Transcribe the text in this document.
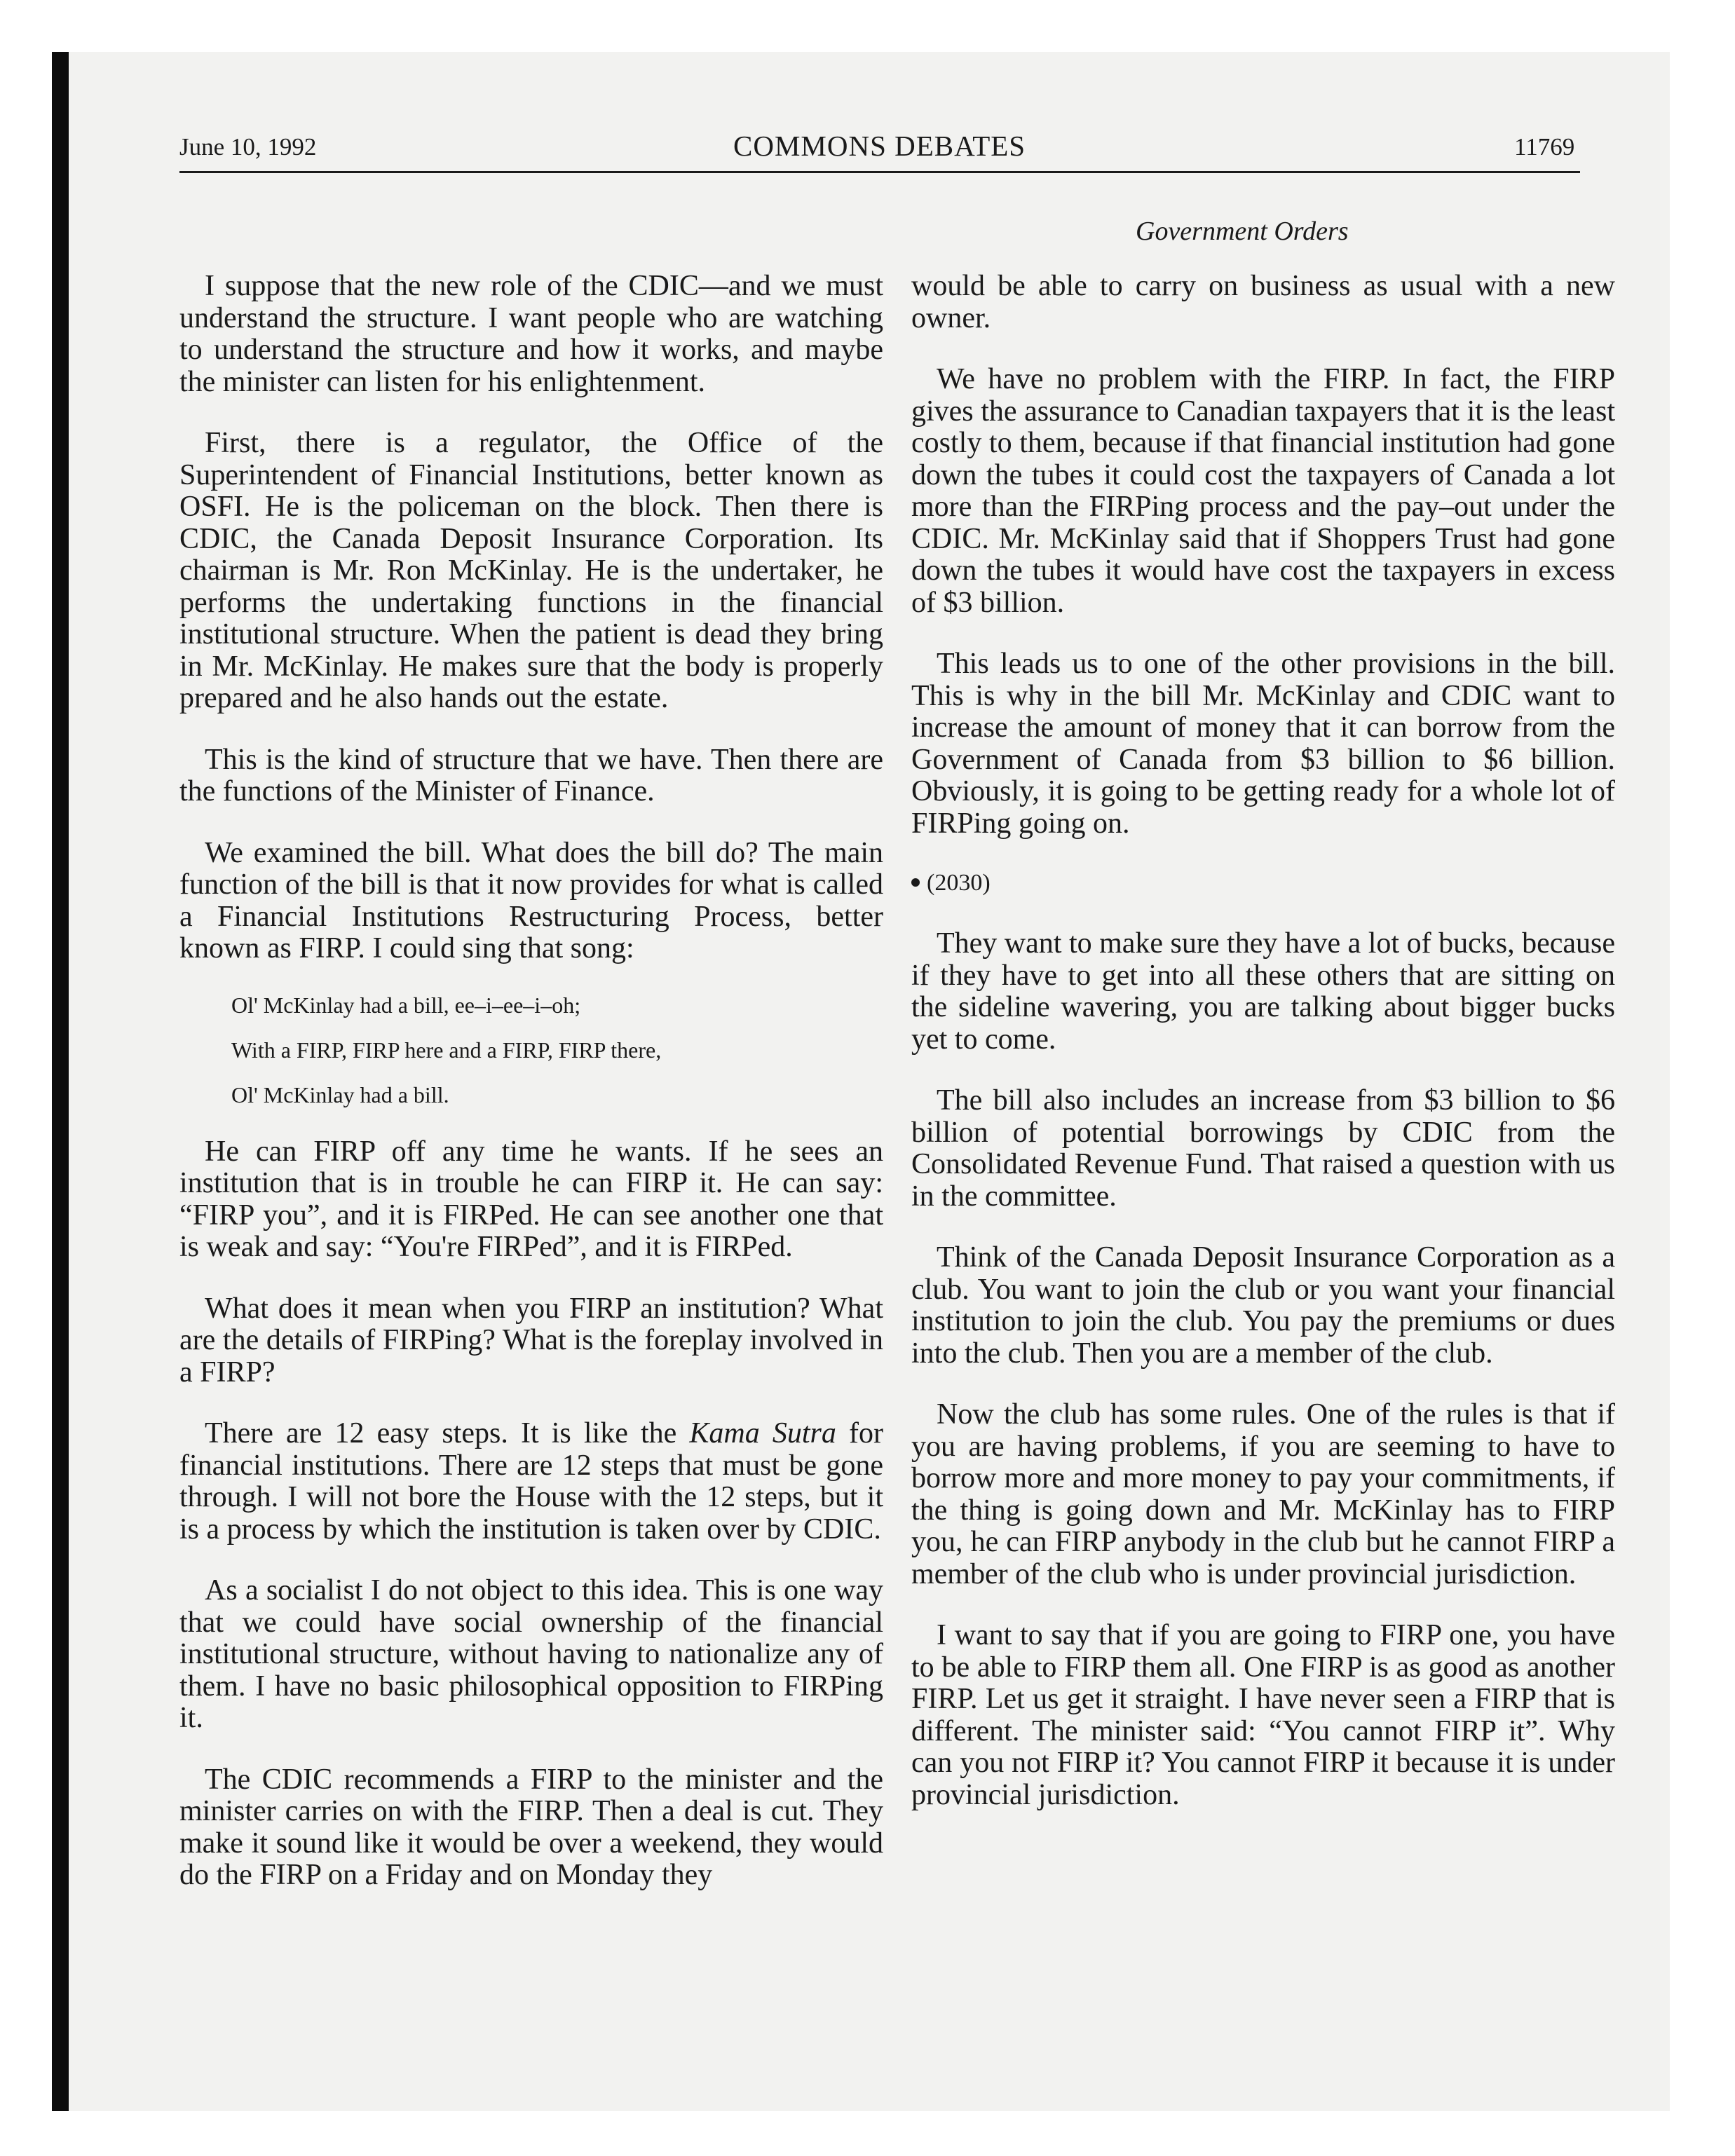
June 10, 1992	COMMONS DEBATES	11769
Government Orders

I suppose that the new role of the CDIC—and we must understand the structure. I want people who are watching to understand the structure and how it works, and maybe the minister can listen for his enlightenment.

First, there is a regulator, the Office of the Superintendent of Financial Institutions, better known as OSFI. He is the policeman on the block. Then there is CDIC, the Canada Deposit Insurance Corporation. Its chairman is Mr. Ron McKinlay. He is the undertaker, he performs the undertaking functions in the financial institutional structure. When the patient is dead they bring in Mr. McKinlay. He makes sure that the body is properly prepared and he also hands out the estate.

This is the kind of structure that we have. Then there are the functions of the Minister of Finance.

We examined the bill. What does the bill do? The main function of the bill is that it now provides for what is called a Financial Institutions Restructuring Process, better known as FIRP. I could sing that song:

Ol' McKinlay had a bill, ee–i–ee–i–oh;
With a FIRP, FIRP here and a FIRP, FIRP there,
Ol' McKinlay had a bill.

He can FIRP off any time he wants. If he sees an institution that is in trouble he can FIRP it. He can say: “FIRP you”, and it is FIRPed. He can see another one that is weak and say: “You're FIRPed”, and it is FIRPed.

What does it mean when you FIRP an institution? What are the details of FIRPing? What is the foreplay involved in a FIRP?

There are 12 easy steps. It is like the Kama Sutra for financial institutions. There are 12 steps that must be gone through. I will not bore the House with the 12 steps, but it is a process by which the institution is taken over by CDIC.

As a socialist I do not object to this idea. This is one way that we could have social ownership of the financial institutional structure, without having to nationalize any of them. I have no basic philosophical opposition to FIRPing it.

The CDIC recommends a FIRP to the minister and the minister carries on with the FIRP. Then a deal is cut. They make it sound like it would be over a weekend, they would do the FIRP on a Friday and on Monday they

would be able to carry on business as usual with a new owner.

We have no problem with the FIRP. In fact, the FIRP gives the assurance to Canadian taxpayers that it is the least costly to them, because if that financial institution had gone down the tubes it could cost the taxpayers of Canada a lot more than the FIRPing process and the pay–out under the CDIC. Mr. McKinlay said that if Shoppers Trust had gone down the tubes it would have cost the taxpayers in excess of $3 billion.

This leads us to one of the other provisions in the bill. This is why in the bill Mr. McKinlay and CDIC want to increase the amount of money that it can borrow from the Government of Canada from $3 billion to $6 billion. Obviously, it is going to be getting ready for a whole lot of FIRPing going on.

(2030)

They want to make sure they have a lot of bucks, because if they have to get into all these others that are sitting on the sideline wavering, you are talking about bigger bucks yet to come.

The bill also includes an increase from $3 billion to $6 billion of potential borrowings by CDIC from the Consolidated Revenue Fund. That raised a question with us in the committee.

Think of the Canada Deposit Insurance Corporation as a club. You want to join the club or you want your financial institution to join the club. You pay the premiums or dues into the club. Then you are a member of the club.

Now the club has some rules. One of the rules is that if you are having problems, if you are seeming to have to borrow more and more money to pay your commitments, if the thing is going down and Mr. McKinlay has to FIRP you, he can FIRP anybody in the club but he cannot FIRP a member of the club who is under provincial jurisdiction.

I want to say that if you are going to FIRP one, you have to be able to FIRP them all. One FIRP is as good as another FIRP. Let us get it straight. I have never seen a FIRP that is different. The minister said: “You cannot FIRP it”. Why can you not FIRP it? You cannot FIRP it because it is under provincial jurisdiction.
